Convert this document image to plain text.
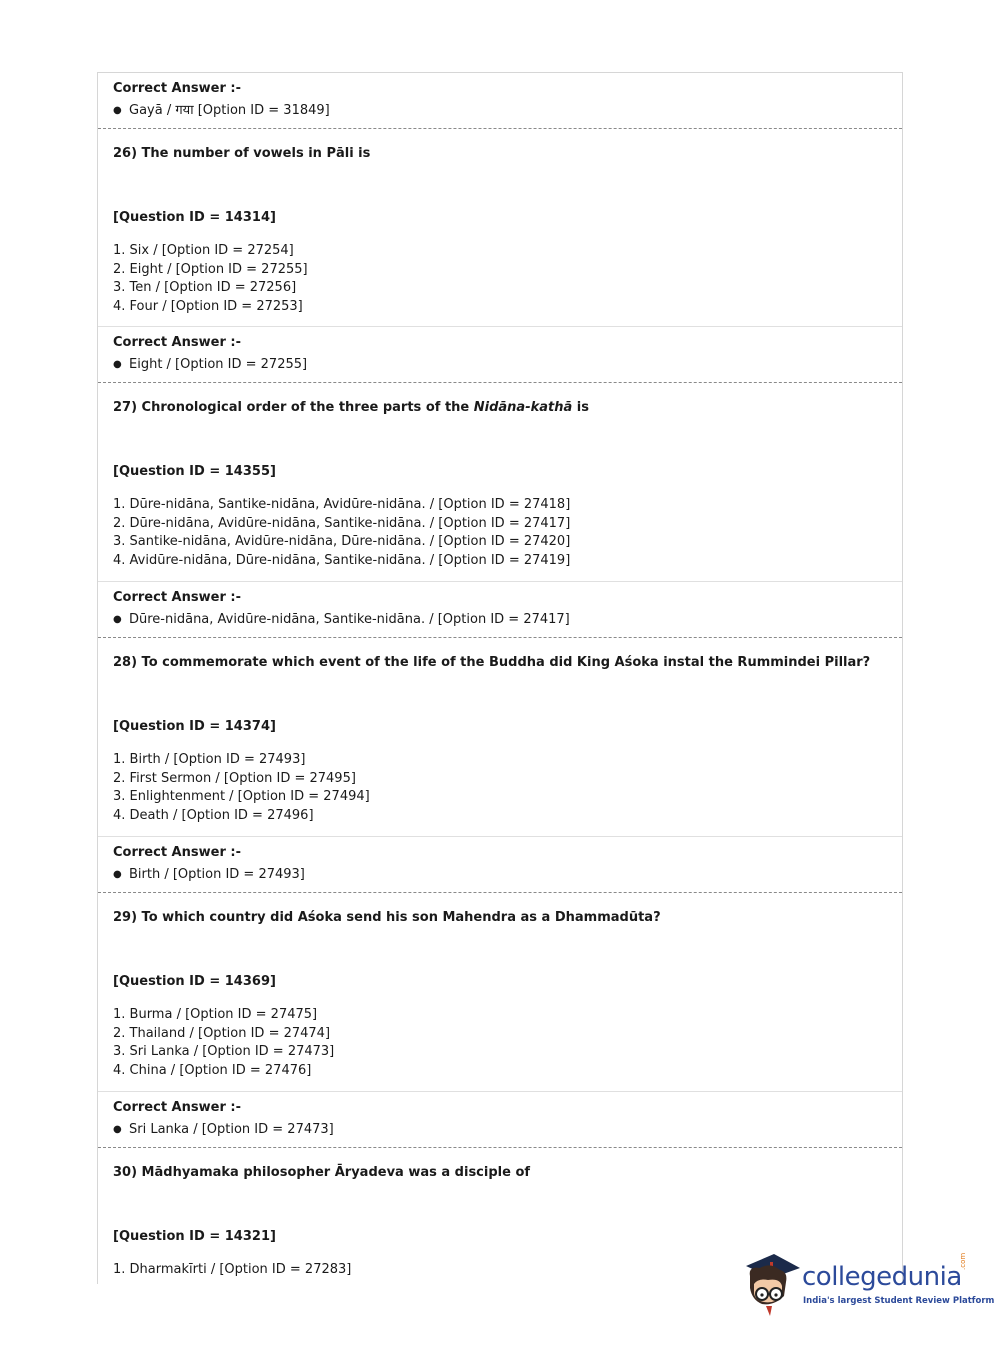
Correct Answer :-
● Gayā / गया [Option ID = 31849]
26) The number of vowels in Pāli is
[Question ID = 14314]
1. Six / [Option ID = 27254]
2. Eight / [Option ID = 27255]
3. Ten / [Option ID = 27256]
4. Four / [Option ID = 27253]
Correct Answer :-
● Eight / [Option ID = 27255]
27) Chronological order of the three parts of the Nidāna-kathā is
[Question ID = 14355]
1. Dūre-nidāna, Santike-nidāna, Avidūre-nidāna. / [Option ID = 27418]
2. Dūre-nidāna, Avidūre-nidāna, Santike-nidāna. / [Option ID = 27417]
3. Santike-nidāna, Avidūre-nidāna, Dūre-nidāna. / [Option ID = 27420]
4. Avidūre-nidāna, Dūre-nidāna, Santike-nidāna. / [Option ID = 27419]
Correct Answer :-
● Dūre-nidāna, Avidūre-nidāna, Santike-nidāna. / [Option ID = 27417]
28) To commemorate which event of the life of the Buddha did King Aśoka instal the Rummindei Pillar?
[Question ID = 14374]
1. Birth / [Option ID = 27493]
2. First Sermon / [Option ID = 27495]
3. Enlightenment / [Option ID = 27494]
4. Death / [Option ID = 27496]
Correct Answer :-
● Birth / [Option ID = 27493]
29) To which country did Aśoka send his son Mahendra as a Dhammadūta?
[Question ID = 14369]
1. Burma / [Option ID = 27475]
2. Thailand / [Option ID = 27474]
3. Sri Lanka / [Option ID = 27473]
4. China / [Option ID = 27476]
Correct Answer :-
● Sri Lanka / [Option ID = 27473]
30) Mādhyamaka philosopher Āryadeva was a disciple of
[Question ID = 14321]
1. Dharmakīrti / [Option ID = 27283]	collegedunia
.com
India's largest Student Review Platform
